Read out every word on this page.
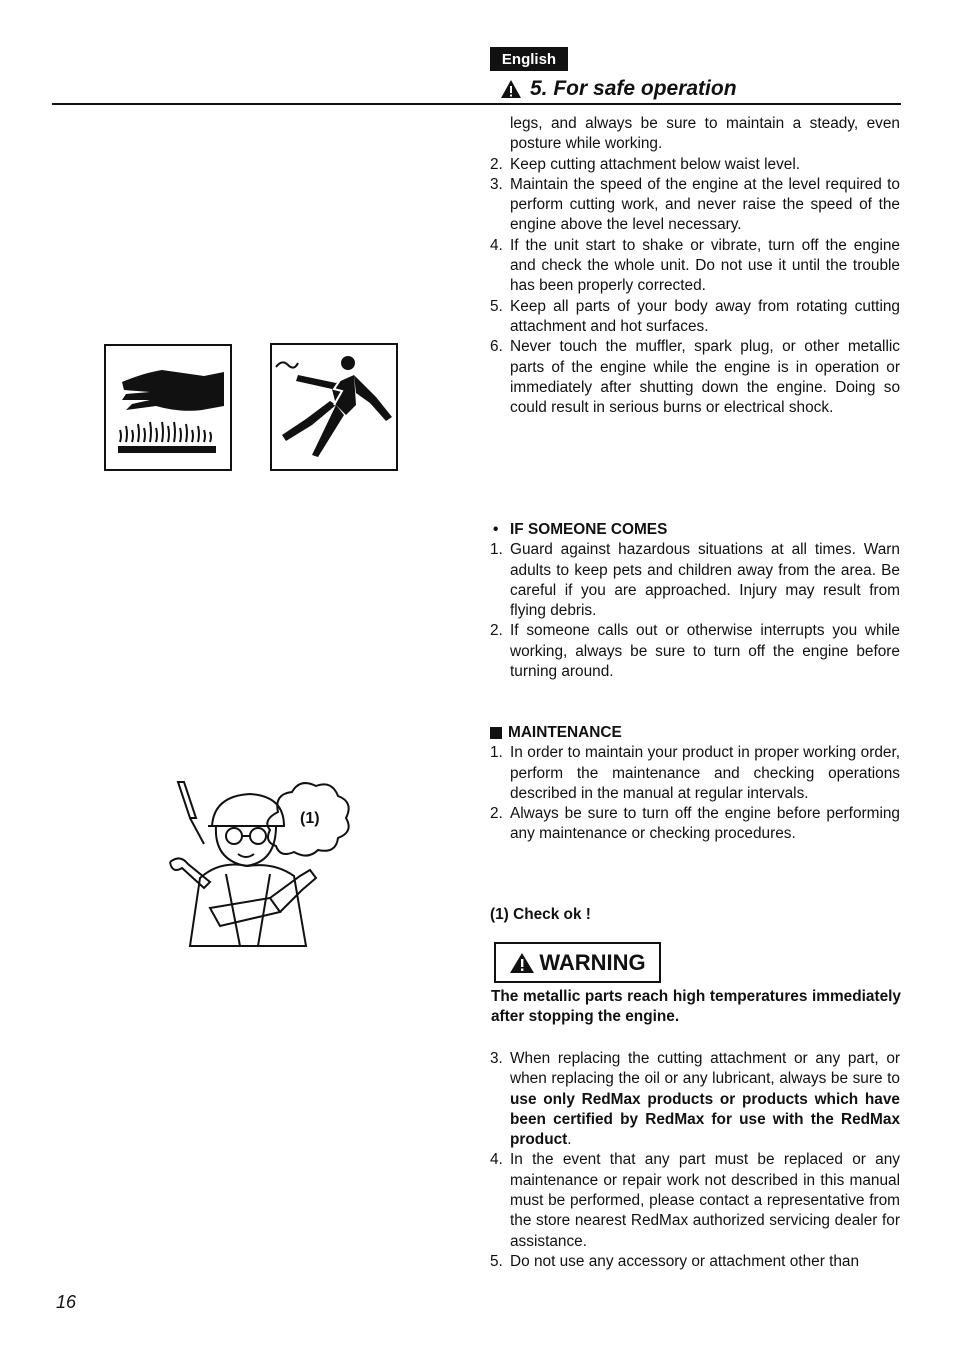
English
5. For safe operation
(1)
legs, and always be sure to maintain a steady, even posture while working.
2. Keep cutting attachment below waist level.
3. Maintain the speed of the engine at the level required to perform cutting work, and never raise the speed of the engine above the level necessary.
4. If the unit start to shake or vibrate, turn off the engine and check the whole unit. Do not use it until the trouble has been properly corrected.
5. Keep all parts of your body away from rotating cutting attachment and hot surfaces.
6. Never touch the muffler, spark plug, or other metallic parts of the engine while the engine is in operation or immediately after shutting down the engine. Doing so could result in serious burns or electrical shock.
• IF SOMEONE COMES
1. Guard against hazardous situations at all times. Warn adults to keep pets and children away from the area. Be careful if you are approached. Injury may result from flying debris.
2. If someone calls out or otherwise interrupts you while working, always be sure to turn off the engine before turning around.
MAINTENANCE
1. In order to maintain your product in proper working order, perform the maintenance and checking operations described in the manual at regular intervals.
2. Always be sure to turn off the engine before performing any maintenance or checking procedures.
(1) Check ok !
WARNING
The metallic parts reach high temperatures immediately after stopping the engine.
3. When replacing the cutting attachment or any part, or when replacing the oil or any lubricant, always be sure to use only RedMax products or products which have been certified by RedMax for use with the RedMax product.
4. In the event that any part must be replaced or any maintenance or repair work not described in this manual must be performed, please contact a representative from the store nearest RedMax authorized servicing dealer for assistance.
5. Do not use any accessory or attachment other than
16
